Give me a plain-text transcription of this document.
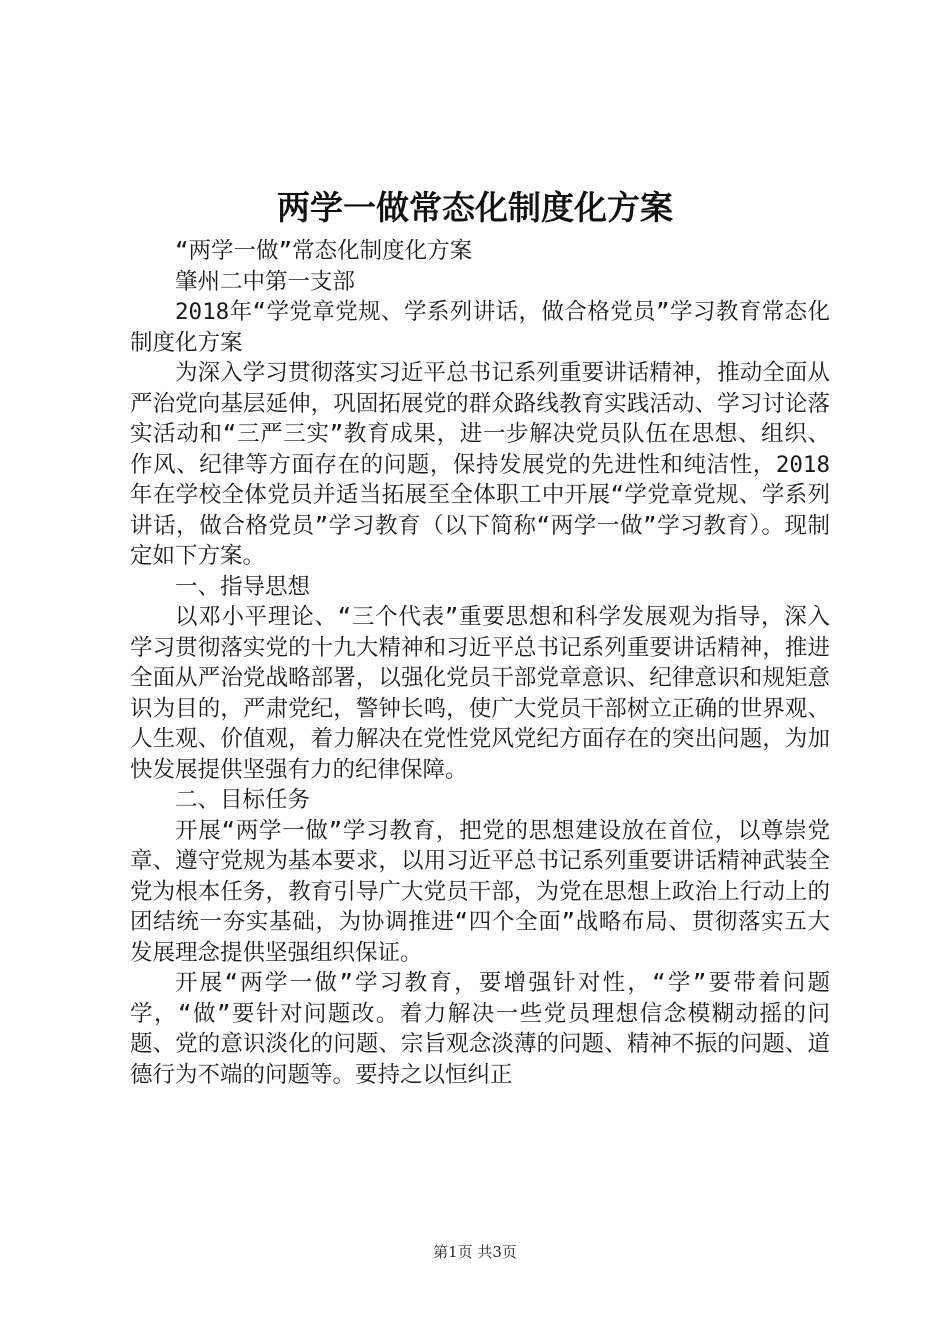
两学一做常态化制度化方案

“两学一做”常态化制度化方案

肇州二中第一支部

2018年“学党章党规、学系列讲话，做合格党员”学习教育常态化制度化方案

为深入学习贯彻落实习近平总书记系列重要讲话精神，推动全面从严治党向基层延伸，巩固拓展党的群众路线教育实践活动、学习讨论落实活动和“三严三实”教育成果，进一步解决党员队伍在思想、组织、作风、纪律等方面存在的问题，保持发展党的先进性和纯洁性，2018年在学校全体党员并适当拓展至全体职工中开展“学党章党规、学系列讲话，做合格党员”学习教育（以下简称“两学一做”学习教育）。现制定如下方案。

一、指导思想

以邓小平理论、“三个代表”重要思想和科学发展观为指导，深入学习贯彻落实党的十九大精神和习近平总书记系列重要讲话精神，推进全面从严治党战略部署，以强化党员干部党章意识、纪律意识和规矩意识为目的，严肃党纪，警钟长鸣，使广大党员干部树立正确的世界观、人生观、价值观，着力解决在党性党风党纪方面存在的突出问题，为加快发展提供坚强有力的纪律保障。

二、目标任务

开展“两学一做”学习教育，把党的思想建设放在首位，以尊崇党章、遵守党规为基本要求，以用习近平总书记系列重要讲话精神武装全党为根本任务，教育引导广大党员干部，为党在思想上政治上行动上的团结统一夯实基础，为协调推进“四个全面”战略布局、贯彻落实五大发展理念提供坚强组织保证。

开展“两学一做”学习教育，要增强针对性，“学”要带着问题学，“做”要针对问题改。着力解决一些党员理想信念模糊动摇的问题、党的意识淡化的问题、宗旨观念淡薄的问题、精神不振的问题、道德行为不端的问题等。要持之以恒纠正

第1页 共3页
